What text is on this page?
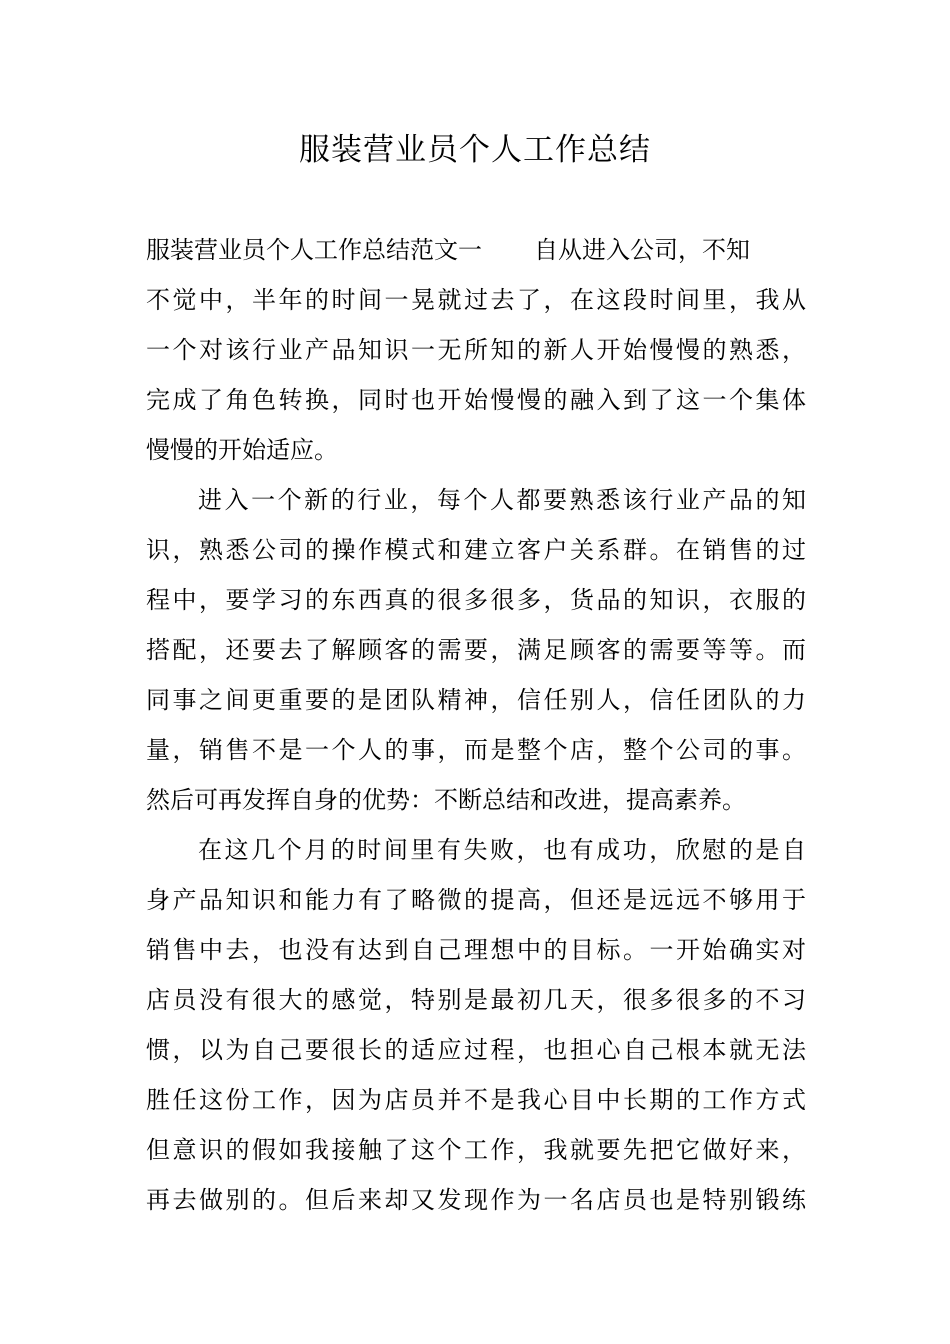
服装营业员个人工作总结
服装营业员个人工作总结范文一 自从进入公司，不知
不觉中，半年的时间一晃就过去了，在这段时间里，我从
一个对该行业产品知识一无所知的新人开始慢慢的熟悉，
完成了角色转换，同时也开始慢慢的融入到了这一个集体
慢慢的开始适应。
进入一个新的行业，每个人都要熟悉该行业产品的知
识，熟悉公司的操作模式和建立客户关系群。在销售的过
程中，要学习的东西真的很多很多，货品的知识，衣服的
搭配，还要去了解顾客的需要，满足顾客的需要等等。而
同事之间更重要的是团队精神，信任别人，信任团队的力
量，销售不是一个人的事，而是整个店，整个公司的事。
然后可再发挥自身的优势：不断总结和改进，提高素养。
在这几个月的时间里有失败，也有成功，欣慰的是自
身产品知识和能力有了略微的提高，但还是远远不够用于
销售中去，也没有达到自己理想中的目标。一开始确实对
店员没有很大的感觉，特别是最初几天，很多很多的不习
惯，以为自己要很长的适应过程，也担心自己根本就无法
胜任这份工作，因为店员并不是我心目中长期的工作方式
但意识的假如我接触了这个工作，我就要先把它做好来，
再去做别的。但后来却又发现作为一名店员也是特别锻练
